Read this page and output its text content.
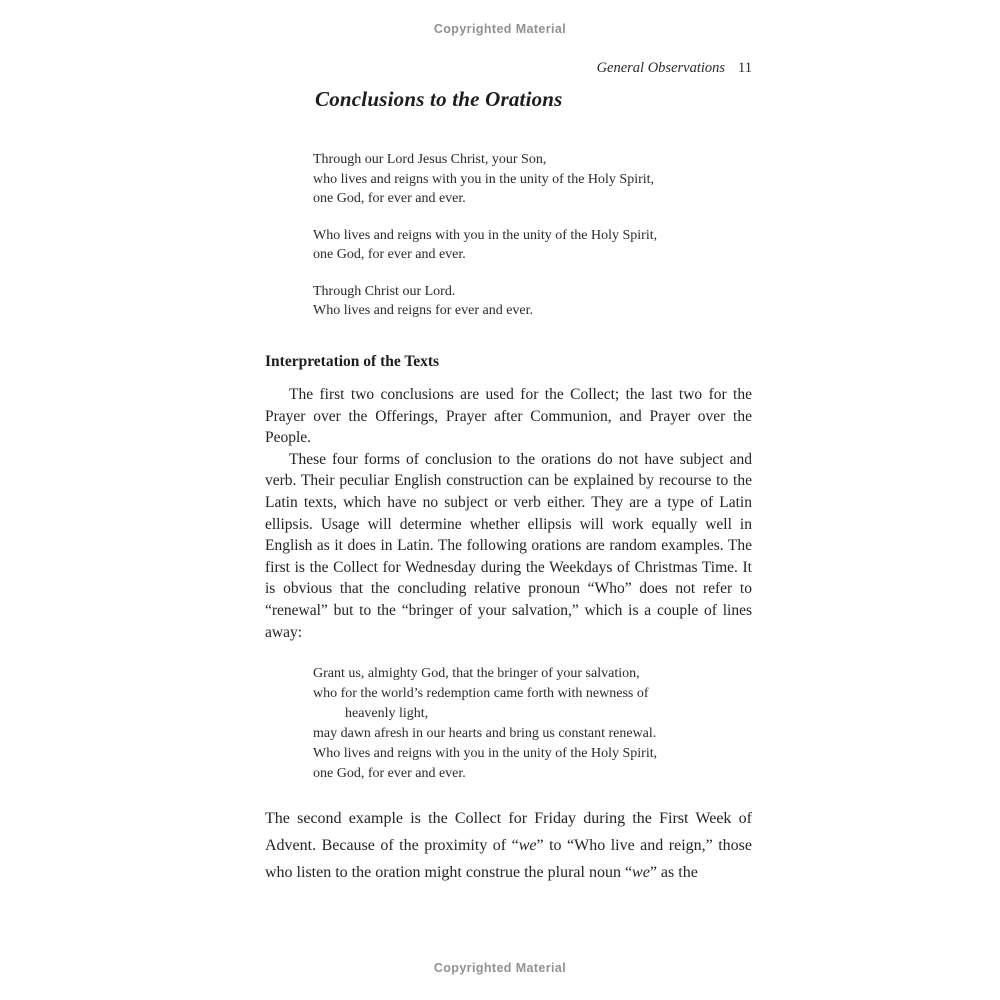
Copyrighted Material
General Observations 11
Conclusions to the Orations
Through our Lord Jesus Christ, your Son,
who lives and reigns with you in the unity of the Holy Spirit,
one God, for ever and ever.
Who lives and reigns with you in the unity of the Holy Spirit,
one God, for ever and ever.
Through Christ our Lord.
Who lives and reigns for ever and ever.
Interpretation of the Texts

The first two conclusions are used for the Collect; the last two for the Prayer over the Offerings, Prayer after Communion, and Prayer over the People.

These four forms of conclusion to the orations do not have subject and verb. Their peculiar English construction can be explained by recourse to the Latin texts, which have no subject or verb either. They are a type of Latin ellipsis. Usage will determine whether ellipsis will work equally well in English as it does in Latin. The following orations are random examples. The first is the Collect for Wednesday during the Weekdays of Christmas Time. It is obvious that the concluding relative pronoun “Who” does not refer to “renewal” but to the “bringer of your salvation,” which is a couple of lines away:

Grant us, almighty God, that the bringer of your salvation,
who for the world’s redemption came forth with newness of
heavenly light,
may dawn afresh in our hearts and bring us constant renewal.
Who lives and reigns with you in the unity of the Holy Spirit,
one God, for ever and ever.

The second example is the Collect for Friday during the First Week of Advent. Because of the proximity of “we” to “Who live and reign,” those who listen to the oration might construe the plural noun “we” as the

Copyrighted Material
